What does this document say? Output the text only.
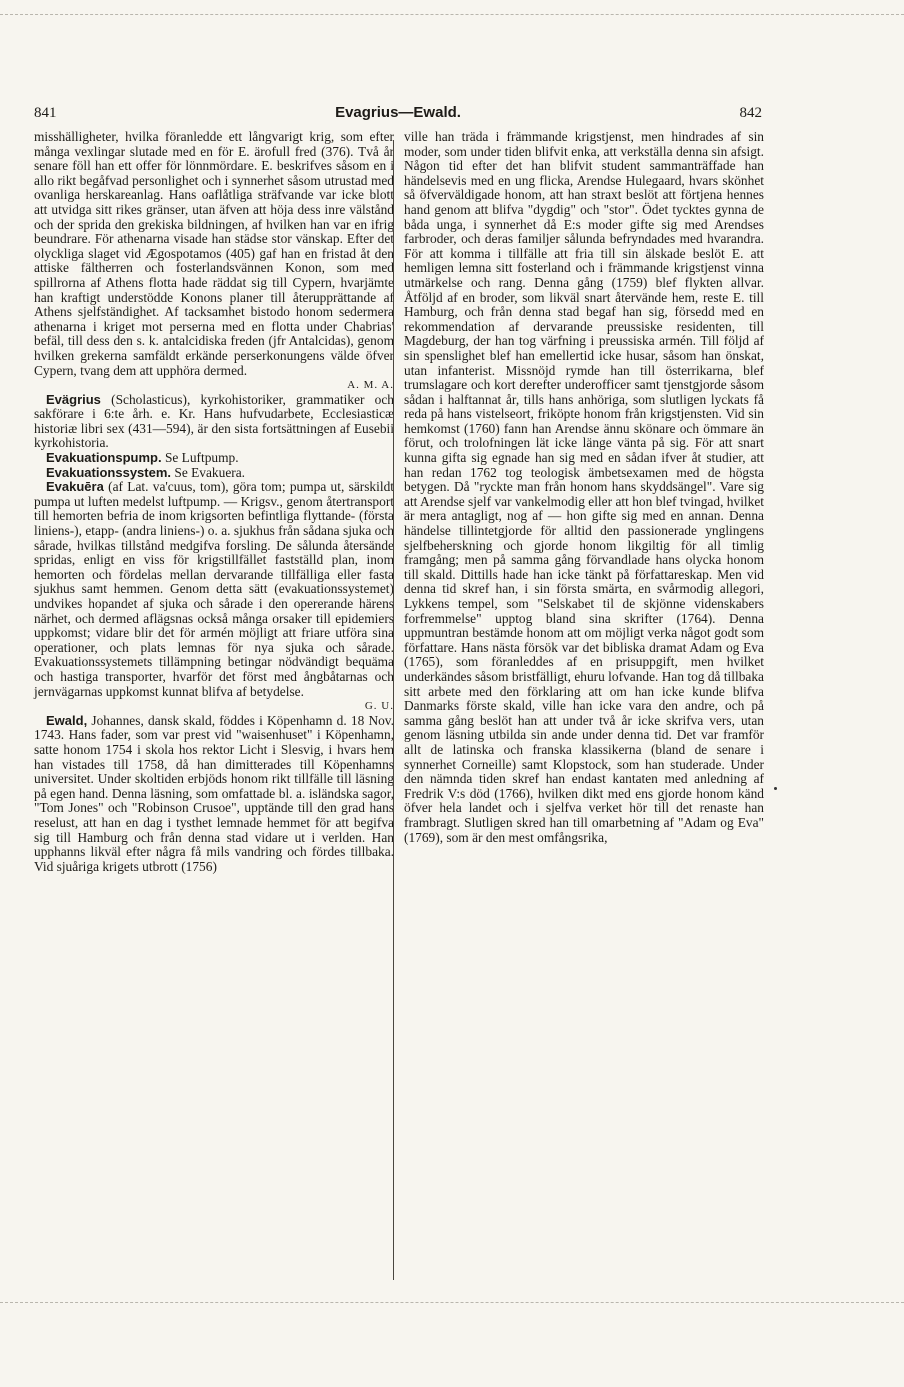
841	Evagrius—Ewald.	842

misshälligheter, hvilka föranledde ett långvarigt krig, som efter många vexlingar slutade med en för E. ärofull fred (376). Två år senare föll han ett offer för lönnmördare. E. beskrifves såsom en i allo rikt begåfvad personlighet och i synnerhet såsom utrustad med ovanliga herskareanlag. Hans oaflåtliga sträfvande var icke blott att utvidga sitt rikes gränser, utan äfven att höja dess inre välstånd och der sprida den grekiska bildningen, af hvilken han var en ifrig beundrare. För athenarna visade han städse stor vänskap. Efter det olyckliga slaget vid Ægospotamos (405) gaf han en fristad åt den attiske fältherren och fosterlandsvännen Konon, som med spillrorna af Athens flotta hade räddat sig till Cypern, hvarjämte han kraftigt understödde Konons planer till återupprättande af Athens sjelfständighet. Af tacksamhet bistodo honom sedermera athenarna i kriget mot perserna med en flotta under Chabrias' befäl, till dess den s. k. antalcidiska freden (jfr Antalcidas), genom hvilken grekerna samfäldt erkände perserkonungens välde öfver Cypern, tvang dem att upphöra dermed.

A. M. A.

Evägrius (Scholasticus), kyrkohistoriker, grammatiker och sakförare i 6:te årh. e. Kr. Hans hufvudarbete, Ecclesiasticæ historiæ libri sex (431—594), är den sista fortsättningen af Eusebii kyrkohistoria.

Evakuationspump. Se Luftpump.

Evakuationssystem. Se Evakuera.

Evakuēra (af Lat. va'cuus, tom), göra tom; pumpa ut, särskildt pumpa ut luften medelst luftpump. — Krigsv., genom återtransport till hemorten befria de inom krigsorten befintliga flyttande- (första liniens-), etapp- (andra liniens-) o. a. sjukhus från sådana sjuka och sårade, hvilkas tillstånd medgifva forsling. De sålunda återsände spridas, enligt en viss för krigstillfället fastställd plan, inom hemorten och fördelas mellan dervarande tillfälliga eller fasta sjukhus samt hemmen. Genom detta sätt (evakuationssystemet) undvikes hopandet af sjuka och sårade i den opererande härens närhet, och dermed aflägsnas också många orsaker till epidemiers uppkomst; vidare blir det för armén möjligt att friare utföra sina operationer, och plats lemnas för nya sjuka och sårade. Evakuationssystemets tillämpning betingar nödvändigt bequäma och hastiga transporter, hvarför det först med ångbåtarnas och jernvägarnas uppkomst kunnat blifva af betydelse.

G. U.

Ewald, Johannes, dansk skald, föddes i Köpenhamn d. 18 Nov. 1743. Hans fader, som var prest vid "waisenhuset" i Köpenhamn, satte honom 1754 i skola hos rektor Licht i Slesvig, i hvars hem han vistades till 1758, då han dimitterades till Köpenhamns universitet. Under skoltiden erbjöds honom rikt tillfälle till läsning på egen hand. Denna läsning, som omfattade bl. a. isländska sagor, "Tom Jones" och "Robinson Crusoe", upptände till den grad hans reselust, att han en dag i tysthet lemnade hemmet för att begifva sig till Hamburg och från denna stad vidare ut i verlden. Han upphanns likväl efter några få mils vandring och fördes tillbaka. Vid sjuåriga krigets utbrott (1756)

ville han träda i främmande krigstjenst, men hindrades af sin moder, som under tiden blifvit enka, att verkställa denna sin afsigt. Någon tid efter det han blifvit student sammanträffade han händelsevis med en ung flicka, Arendse Hulegaard, hvars skönhet så öfverväldigade honom, att han straxt beslöt att förtjena hennes hand genom att blifva "dygdig" och "stor". Ödet tycktes gynna de båda unga, i synnerhet då E:s moder gifte sig med Arendses farbroder, och deras familjer sålunda befryndades med hvarandra. För att komma i tillfälle att fria till sin älskade beslöt E. att hemligen lemna sitt fosterland och i främmande krigstjenst vinna utmärkelse och rang. Denna gång (1759) blef flykten allvar. Åtföljd af en broder, som likväl snart återvände hem, reste E. till Hamburg, och från denna stad begaf han sig, försedd med en rekommendation af dervarande preussiske residenten, till Magdeburg, der han tog värfning i preussiska armén. Till följd af sin spenslighet blef han emellertid icke husar, såsom han önskat, utan infanterist. Missnöjd rymde han till österrikarna, blef trumslagare och kort derefter underofficer samt tjenstgjorde såsom sådan i halftannat år, tills hans anhöriga, som slutligen lyckats få reda på hans vistelseort, friköpte honom från krigstjensten. Vid sin hemkomst (1760) fann han Arendse ännu skönare och ömmare än förut, och trolofningen lät icke länge vänta på sig. För att snart kunna gifta sig egnade han sig med en sådan ifver åt studier, att han redan 1762 tog teologisk ämbetsexamen med de högsta betygen. Då "ryckte man från honom hans skyddsängel". Vare sig att Arendse sjelf var vankelmodig eller att hon blef tvingad, hvilket är mera antagligt, nog af — hon gifte sig med en annan. Denna händelse tillintetgjorde för alltid den passionerade ynglingens sjelfbeherskning och gjorde honom likgiltig för all timlig framgång; men på samma gång förvandlade hans olycka honom till skald. Dittills hade han icke tänkt på författareskap. Men vid denna tid skref han, i sin första smärta, en svårmodig allegori, Lykkens tempel, som "Selskabet til de skjönne videnskabers forfremmelse" upptog bland sina skrifter (1764). Denna uppmuntran bestämde honom att om möjligt verka något godt som författare. Hans nästa försök var det bibliska dramat Adam og Eva (1765), som föranleddes af en prisuppgift, men hvilket underkändes såsom bristfälligt, ehuru lofvande. Han tog då tillbaka sitt arbete med den förklaring att om han icke kunde blifva Danmarks förste skald, ville han icke vara den andre, och på samma gång beslöt han att under två år icke skrifva vers, utan genom läsning utbilda sin ande under denna tid. Det var framför allt de latinska och franska klassikerna (bland de senare i synnerhet Corneille) samt Klopstock, som han studerade. Under den nämnda tiden skref han endast kantaten med anledning af Fredrik V:s död (1766), hvilken dikt med ens gjorde honom känd öfver hela landet och i sjelfva verket hör till det renaste han frambragt. Slutligen skred han till omarbetning af "Adam og Eva" (1769), som är den mest omfångsrika,
